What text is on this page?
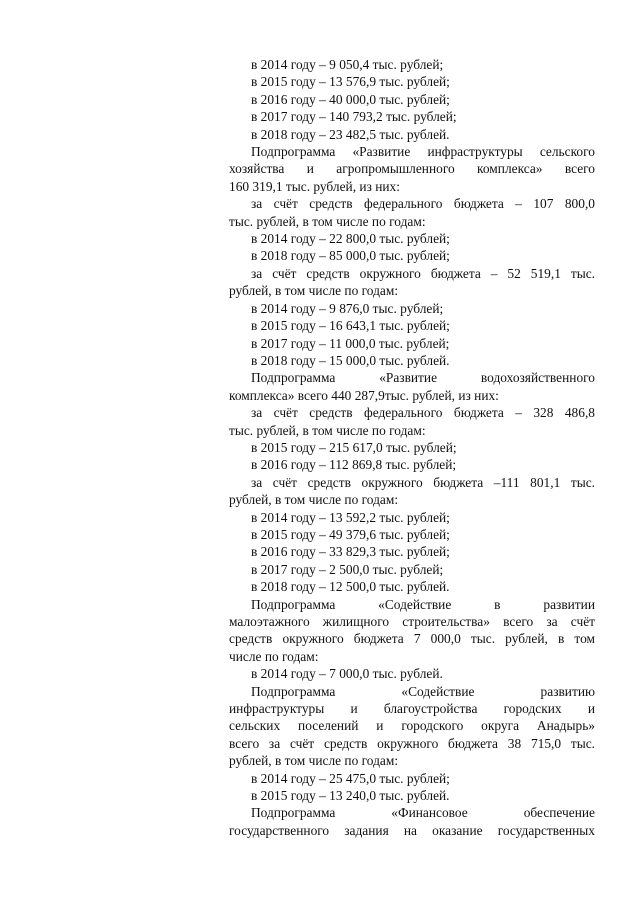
в 2014 году – 9 050,4 тыс. рублей;
в 2015 году – 13 576,9 тыс. рублей;
в 2016 году – 40 000,0 тыс. рублей;
в 2017 году – 140 793,2 тыс. рублей;
в 2018 году – 23 482,5 тыс. рублей.
Подпрограмма «Развитие инфраструктуры сельского
хозяйства и агропромышленного комплекса» всего
160 319,1 тыс. рублей, из них:
за счёт средств федерального бюджета – 107 800,0
тыс. рублей, в том числе по годам:
в 2014 году – 22 800,0 тыс. рублей;
в 2018 году – 85 000,0 тыс. рублей;
за счёт средств окружного бюджета – 52 519,1 тыс.
рублей, в том числе по годам:
в 2014 году – 9 876,0 тыс. рублей;
в 2015 году – 16 643,1 тыс. рублей;
в 2017 году – 11 000,0 тыс. рублей;
в 2018 году – 15 000,0 тыс. рублей.
Подпрограмма «Развитие водохозяйственного
комплекса» всего 440 287,9тыс. рублей, из них:
за счёт средств федерального бюджета – 328 486,8
тыс. рублей, в том числе по годам:
в 2015 году – 215 617,0 тыс. рублей;
в 2016 году – 112 869,8 тыс. рублей;
за счёт средств окружного бюджета –111 801,1 тыс.
рублей, в том числе по годам:
в 2014 году – 13 592,2 тыс. рублей;
в 2015 году – 49 379,6 тыс. рублей;
в 2016 году – 33 829,3 тыс. рублей;
в 2017 году – 2 500,0 тыс. рублей;
в 2018 году – 12 500,0 тыс. рублей.
Подпрограмма «Содействие в развитии
малоэтажного жилищного строительства» всего за счёт
средств окружного бюджета 7 000,0 тыс. рублей, в том
числе по годам:
в 2014 году – 7 000,0 тыс. рублей.
Подпрограмма «Содействие развитию
инфраструктуры и благоустройства городских и
сельских поселений и городского округа Анадырь»
всего за счёт средств окружного бюджета 38 715,0 тыс.
рублей, в том числе по годам:
в 2014 году – 25 475,0 тыс. рублей;
в 2015 году – 13 240,0 тыс. рублей.
Подпрограмма «Финансовое обеспечение
государственного задания на оказание государственных
